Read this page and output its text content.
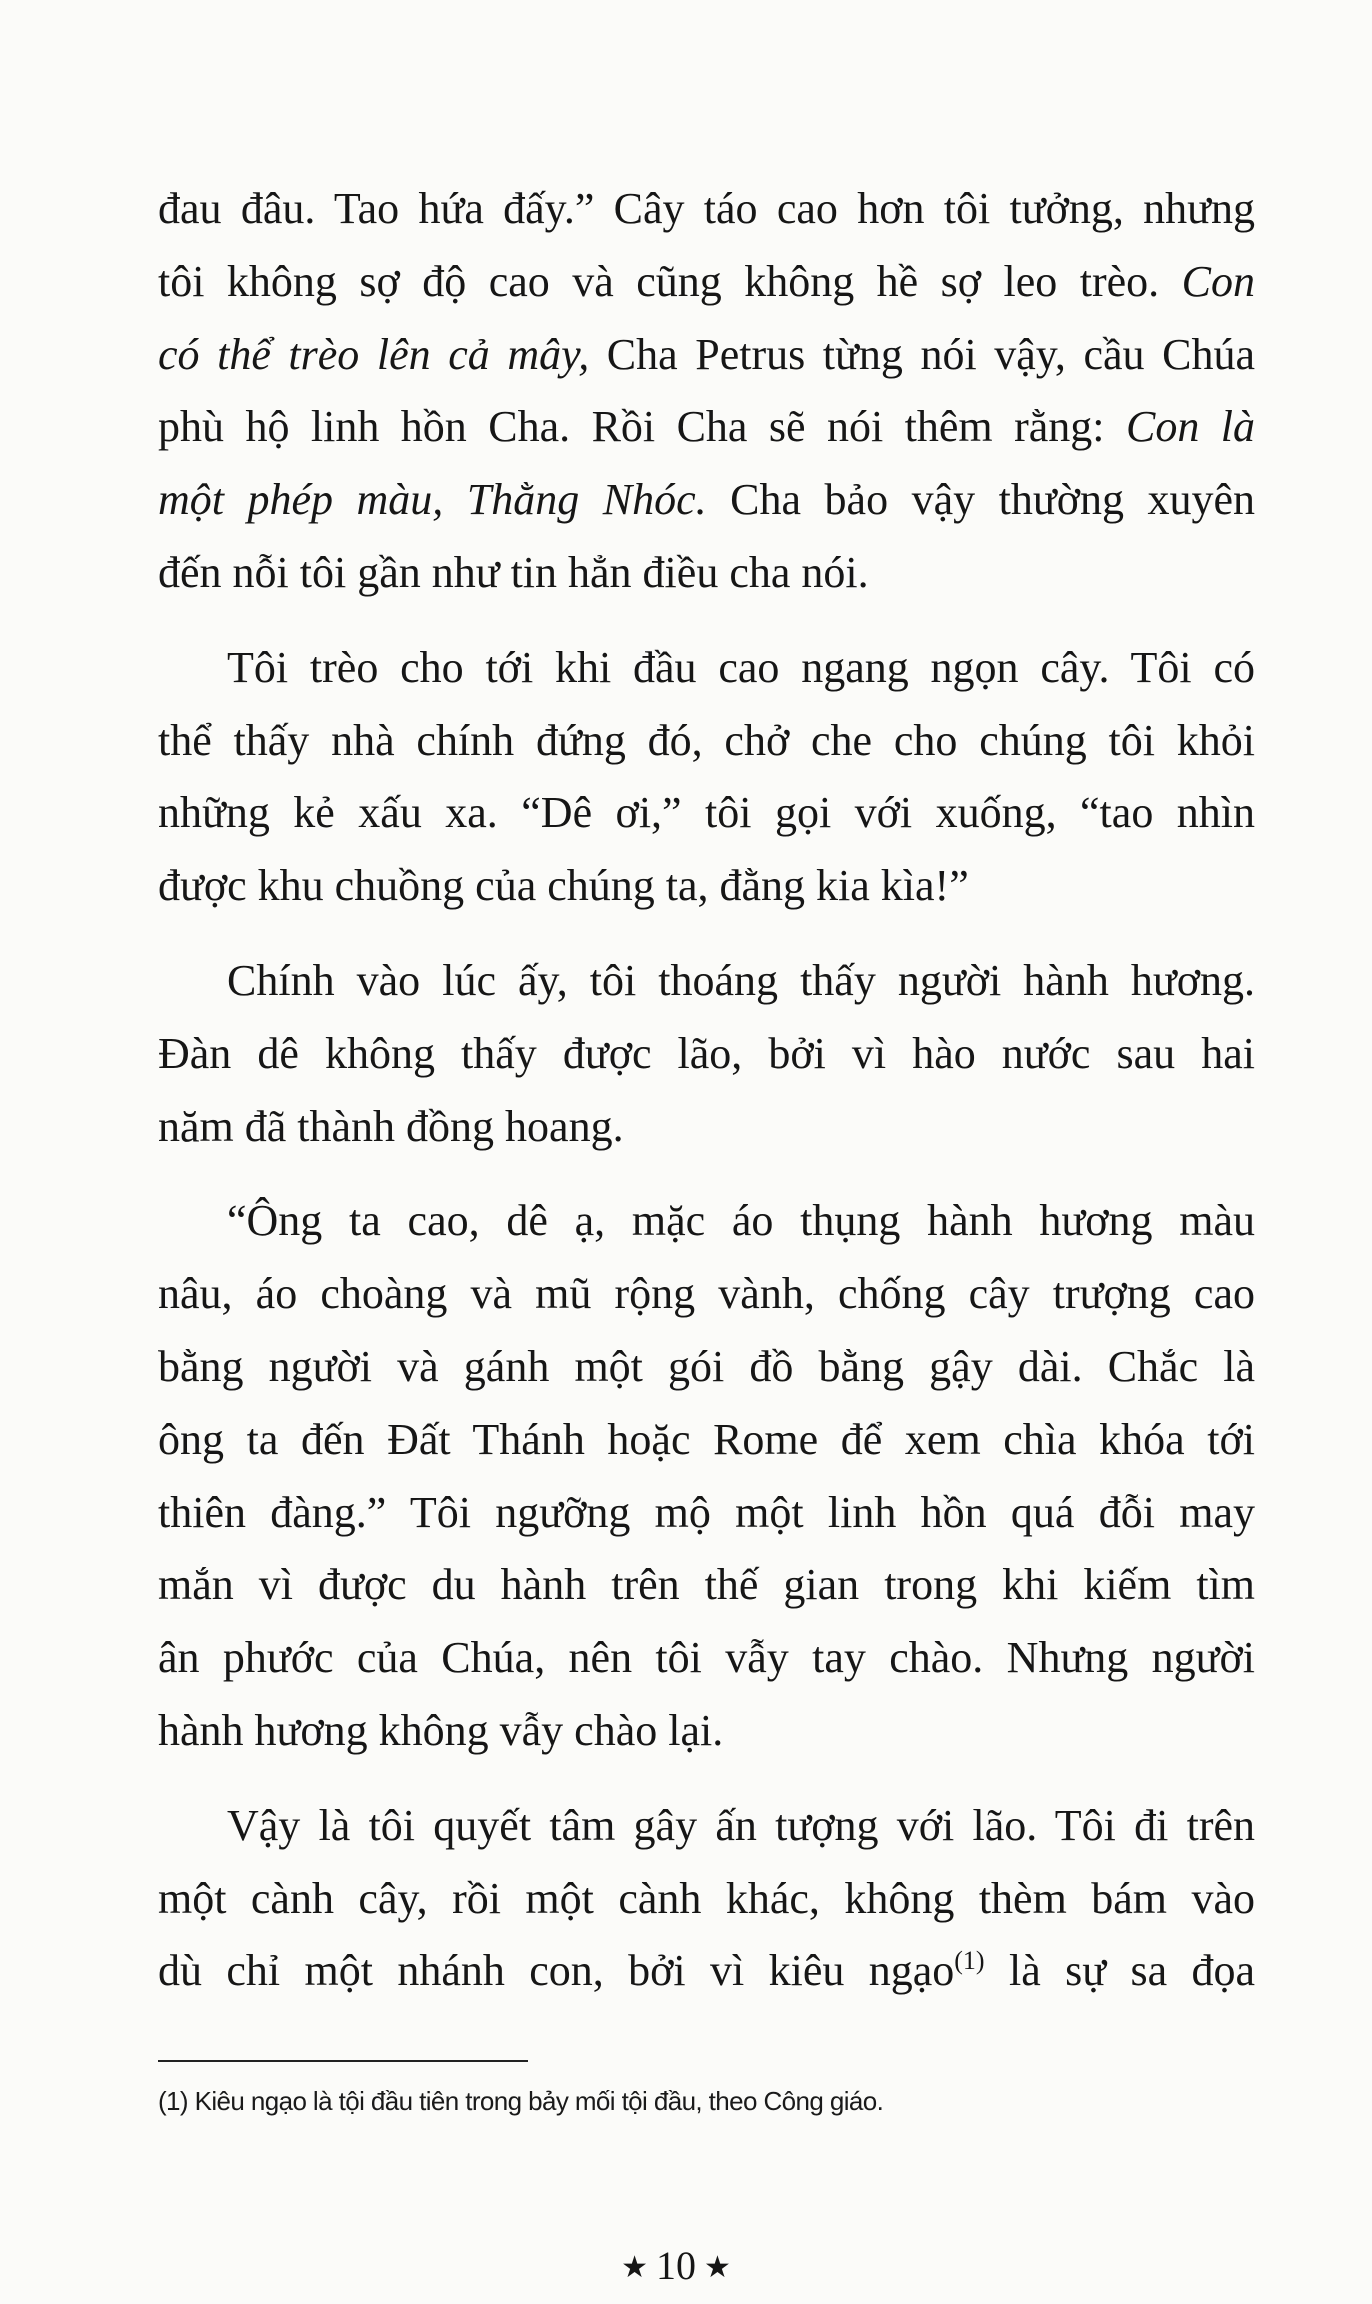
đau đâu. Tao hứa đấy.” Cây táo cao hơn tôi tưởng, nhưng
tôi không sợ độ cao và cũng không hề sợ leo trèo. Con
có thể trèo lên cả mây, Cha Petrus từng nói vậy, cầu Chúa
phù hộ linh hồn Cha. Rồi Cha sẽ nói thêm rằng: Con là
một phép màu, Thằng Nhóc. Cha bảo vậy thường xuyên
đến nỗi tôi gần như tin hẳn điều cha nói.
Tôi trèo cho tới khi đầu cao ngang ngọn cây. Tôi có
thể thấy nhà chính đứng đó, chở che cho chúng tôi khỏi
những kẻ xấu xa. “Dê ơi,” tôi gọi với xuống, “tao nhìn
được khu chuồng của chúng ta, đằng kia kìa!”
Chính vào lúc ấy, tôi thoáng thấy người hành hương.
Đàn dê không thấy được lão, bởi vì hào nước sau hai
năm đã thành đồng hoang.
“Ông ta cao, dê ạ, mặc áo thụng hành hương màu
nâu, áo choàng và mũ rộng vành, chống cây trượng cao
bằng người và gánh một gói đồ bằng gậy dài. Chắc là
ông ta đến Đất Thánh hoặc Rome để xem chìa khóa tới
thiên đàng.” Tôi ngưỡng mộ một linh hồn quá đỗi may
mắn vì được du hành trên thế gian trong khi kiếm tìm
ân phước của Chúa, nên tôi vẫy tay chào. Nhưng người
hành hương không vẫy chào lại.
Vậy là tôi quyết tâm gây ấn tượng với lão. Tôi đi trên
một cành cây, rồi một cành khác, không thèm bám vào
dù chỉ một nhánh con, bởi vì kiêu ngạo$^{(1)}$ là sự sa đọa
(1) Kiêu ngạo là tội đầu tiên trong bảy mối tội đầu, theo Công giáo.
★ 10 ★
